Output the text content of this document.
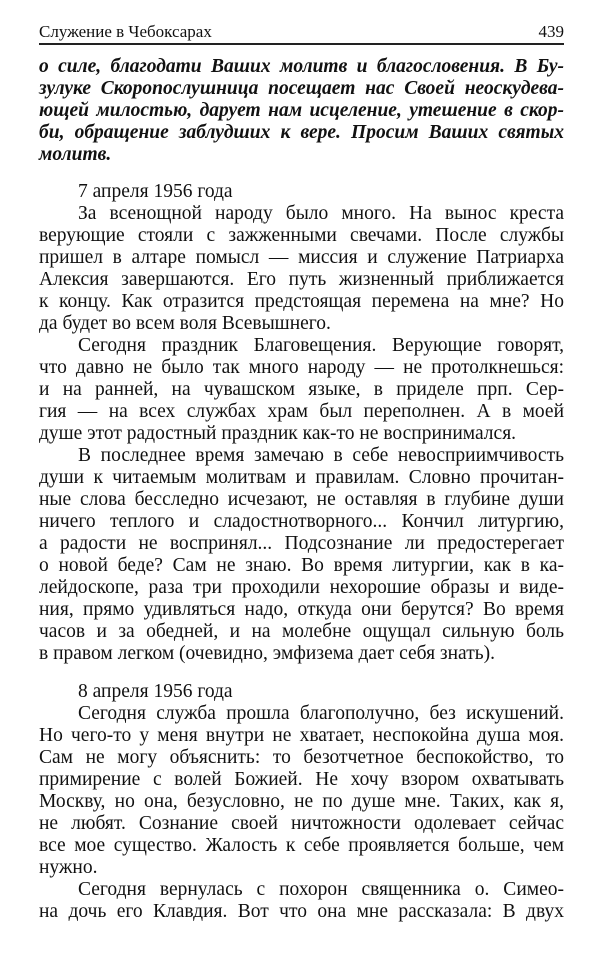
Служение в Чебоксарах	439
о силе, благодати Ваших молитв и благословения. В Бу-
зулуке Скоропослушница посещает нас Своей неоскудева-
ющей милостью, дарует нам исцеление, утешение в скор-
би, обращение заблудших к вере. Просим Ваших святых
молитв.
7 апреля 1956 года
За всенощной народу было много. На вынос креста
верующие стояли с зажженными свечами. После службы
пришел в алтаре помысл — миссия и служение Патриарха
Алексия завершаются. Его путь жизненный приближается
к концу. Как отразится предстоящая перемена на мне? Но
да будет во всем воля Всевышнего.
Сегодня праздник Благовещения. Верующие говорят,
что давно не было так много народу — не протолкнешься:
и на ранней, на чувашском языке, в приделе прп. Сер-
гия — на всех службах храм был переполнен. А в моей
душе этот радостный праздник как-то не воспринимался.
В последнее время замечаю в себе невосприимчивость
души к читаемым молитвам и правилам. Словно прочитан-
ные слова бесследно исчезают, не оставляя в глубине души
ничего теплого и сладостнотворного... Кончил литургию,
а радости не воспринял... Подсознание ли предостерегает
о новой беде? Сам не знаю. Во время литургии, как в ка-
лейдоскопе, раза три проходили нехорошие образы и виде-
ния, прямо удивляться надо, откуда они берутся? Во время
часов и за обедней, и на молебне ощущал сильную боль
в правом легком (очевидно, эмфизема дает себя знать).
8 апреля 1956 года
Сегодня служба прошла благополучно, без искушений.
Но чего-то у меня внутри не хватает, неспокойна душа моя.
Сам не могу объяснить: то безотчетное беспокойство, то
примирение с волей Божией. Не хочу взором охватывать
Москву, но она, безусловно, не по душе мне. Таких, как я,
не любят. Сознание своей ничтожности одолевает сейчас
все мое существо. Жалость к себе проявляется больше, чем
нужно.
Сегодня вернулась с похорон священника о. Симео-
на дочь его Клавдия. Вот что она мне рассказала: В двух
